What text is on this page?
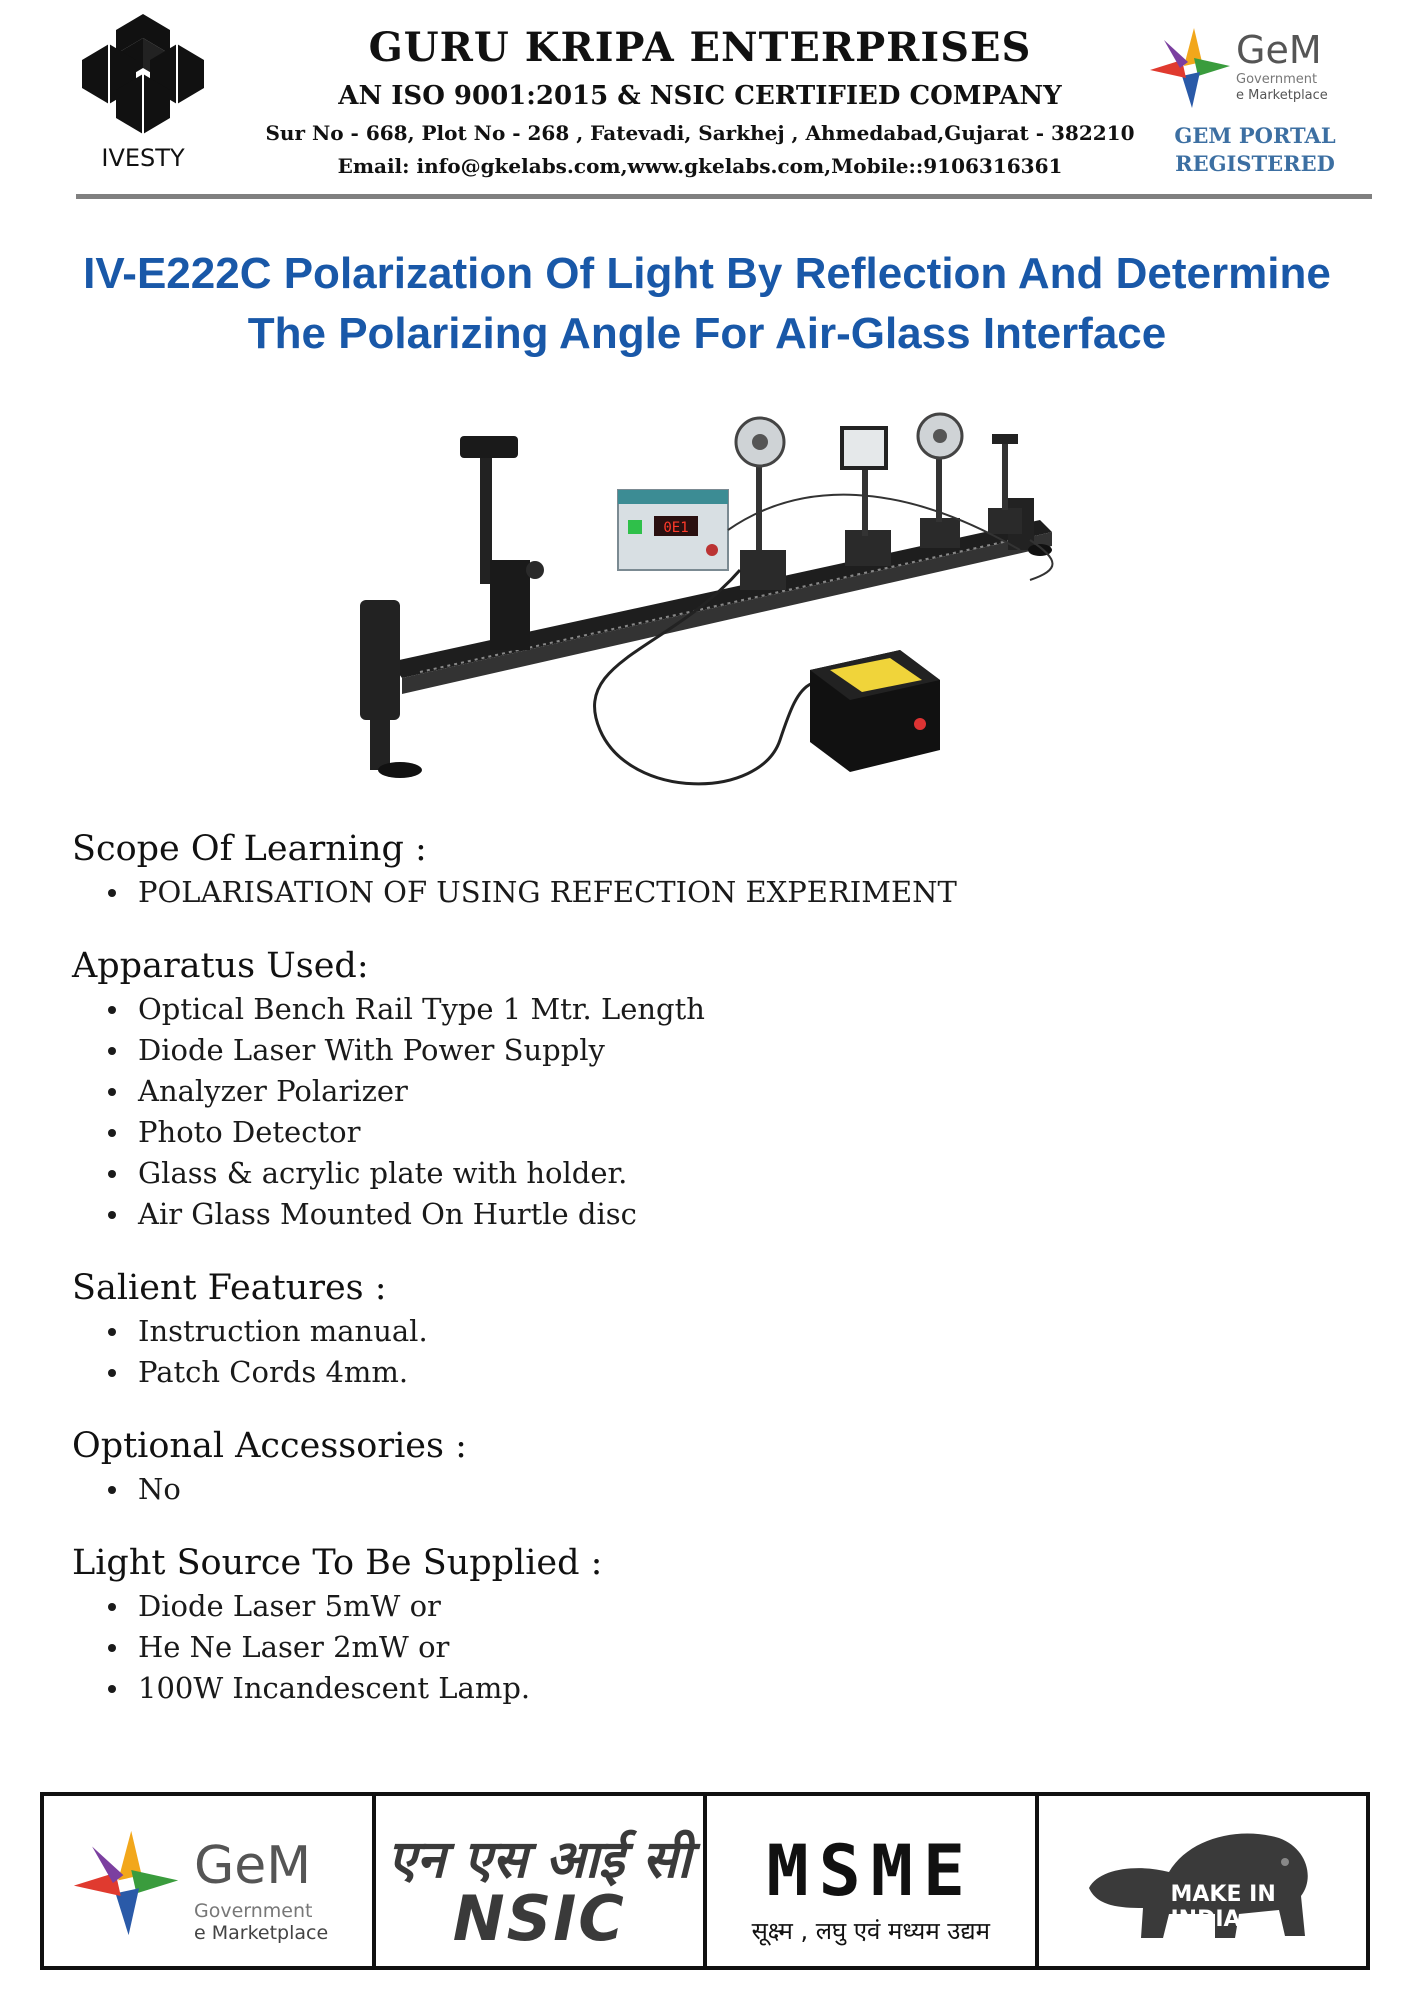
IVESTY
GURU KRIPA ENTERPRISES
AN ISO 9001:2015 & NSIC CERTIFIED COMPANY
Sur No - 668, Plot No - 268 , Fatevadi, Sarkhej , Ahmedabad,Gujarat - 382210
Email: info@gkelabs.com,www.gkelabs.com,Mobile::9106316361
GeM
Government
e Marketplace
GEM PORTAL
REGISTERED
IV-E222C Polarization Of Light By Reflection And Determine
The Polarizing Angle For Air-Glass Interface
0E1
Scope Of Learning :
POLARISATION OF USING REFECTION EXPERIMENT
Apparatus Used:
Optical Bench Rail Type 1 Mtr. Length
Diode Laser With Power Supply
Analyzer Polarizer
Photo Detector
Glass & acrylic plate with holder.
Air Glass Mounted On Hurtle disc
Salient Features :
Instruction manual.
Patch Cords 4mm.
Optional Accessories :
No
Light Source To Be Supplied :
Diode Laser 5mW or
He Ne Laser 2mW or
100W Incandescent Lamp.
GeM
Government
e Marketplace
एन एस आई सी
NSIC
MSME
सूक्ष्म , लघु एवं मध्यम उद्यम
MAKE IN INDIA
